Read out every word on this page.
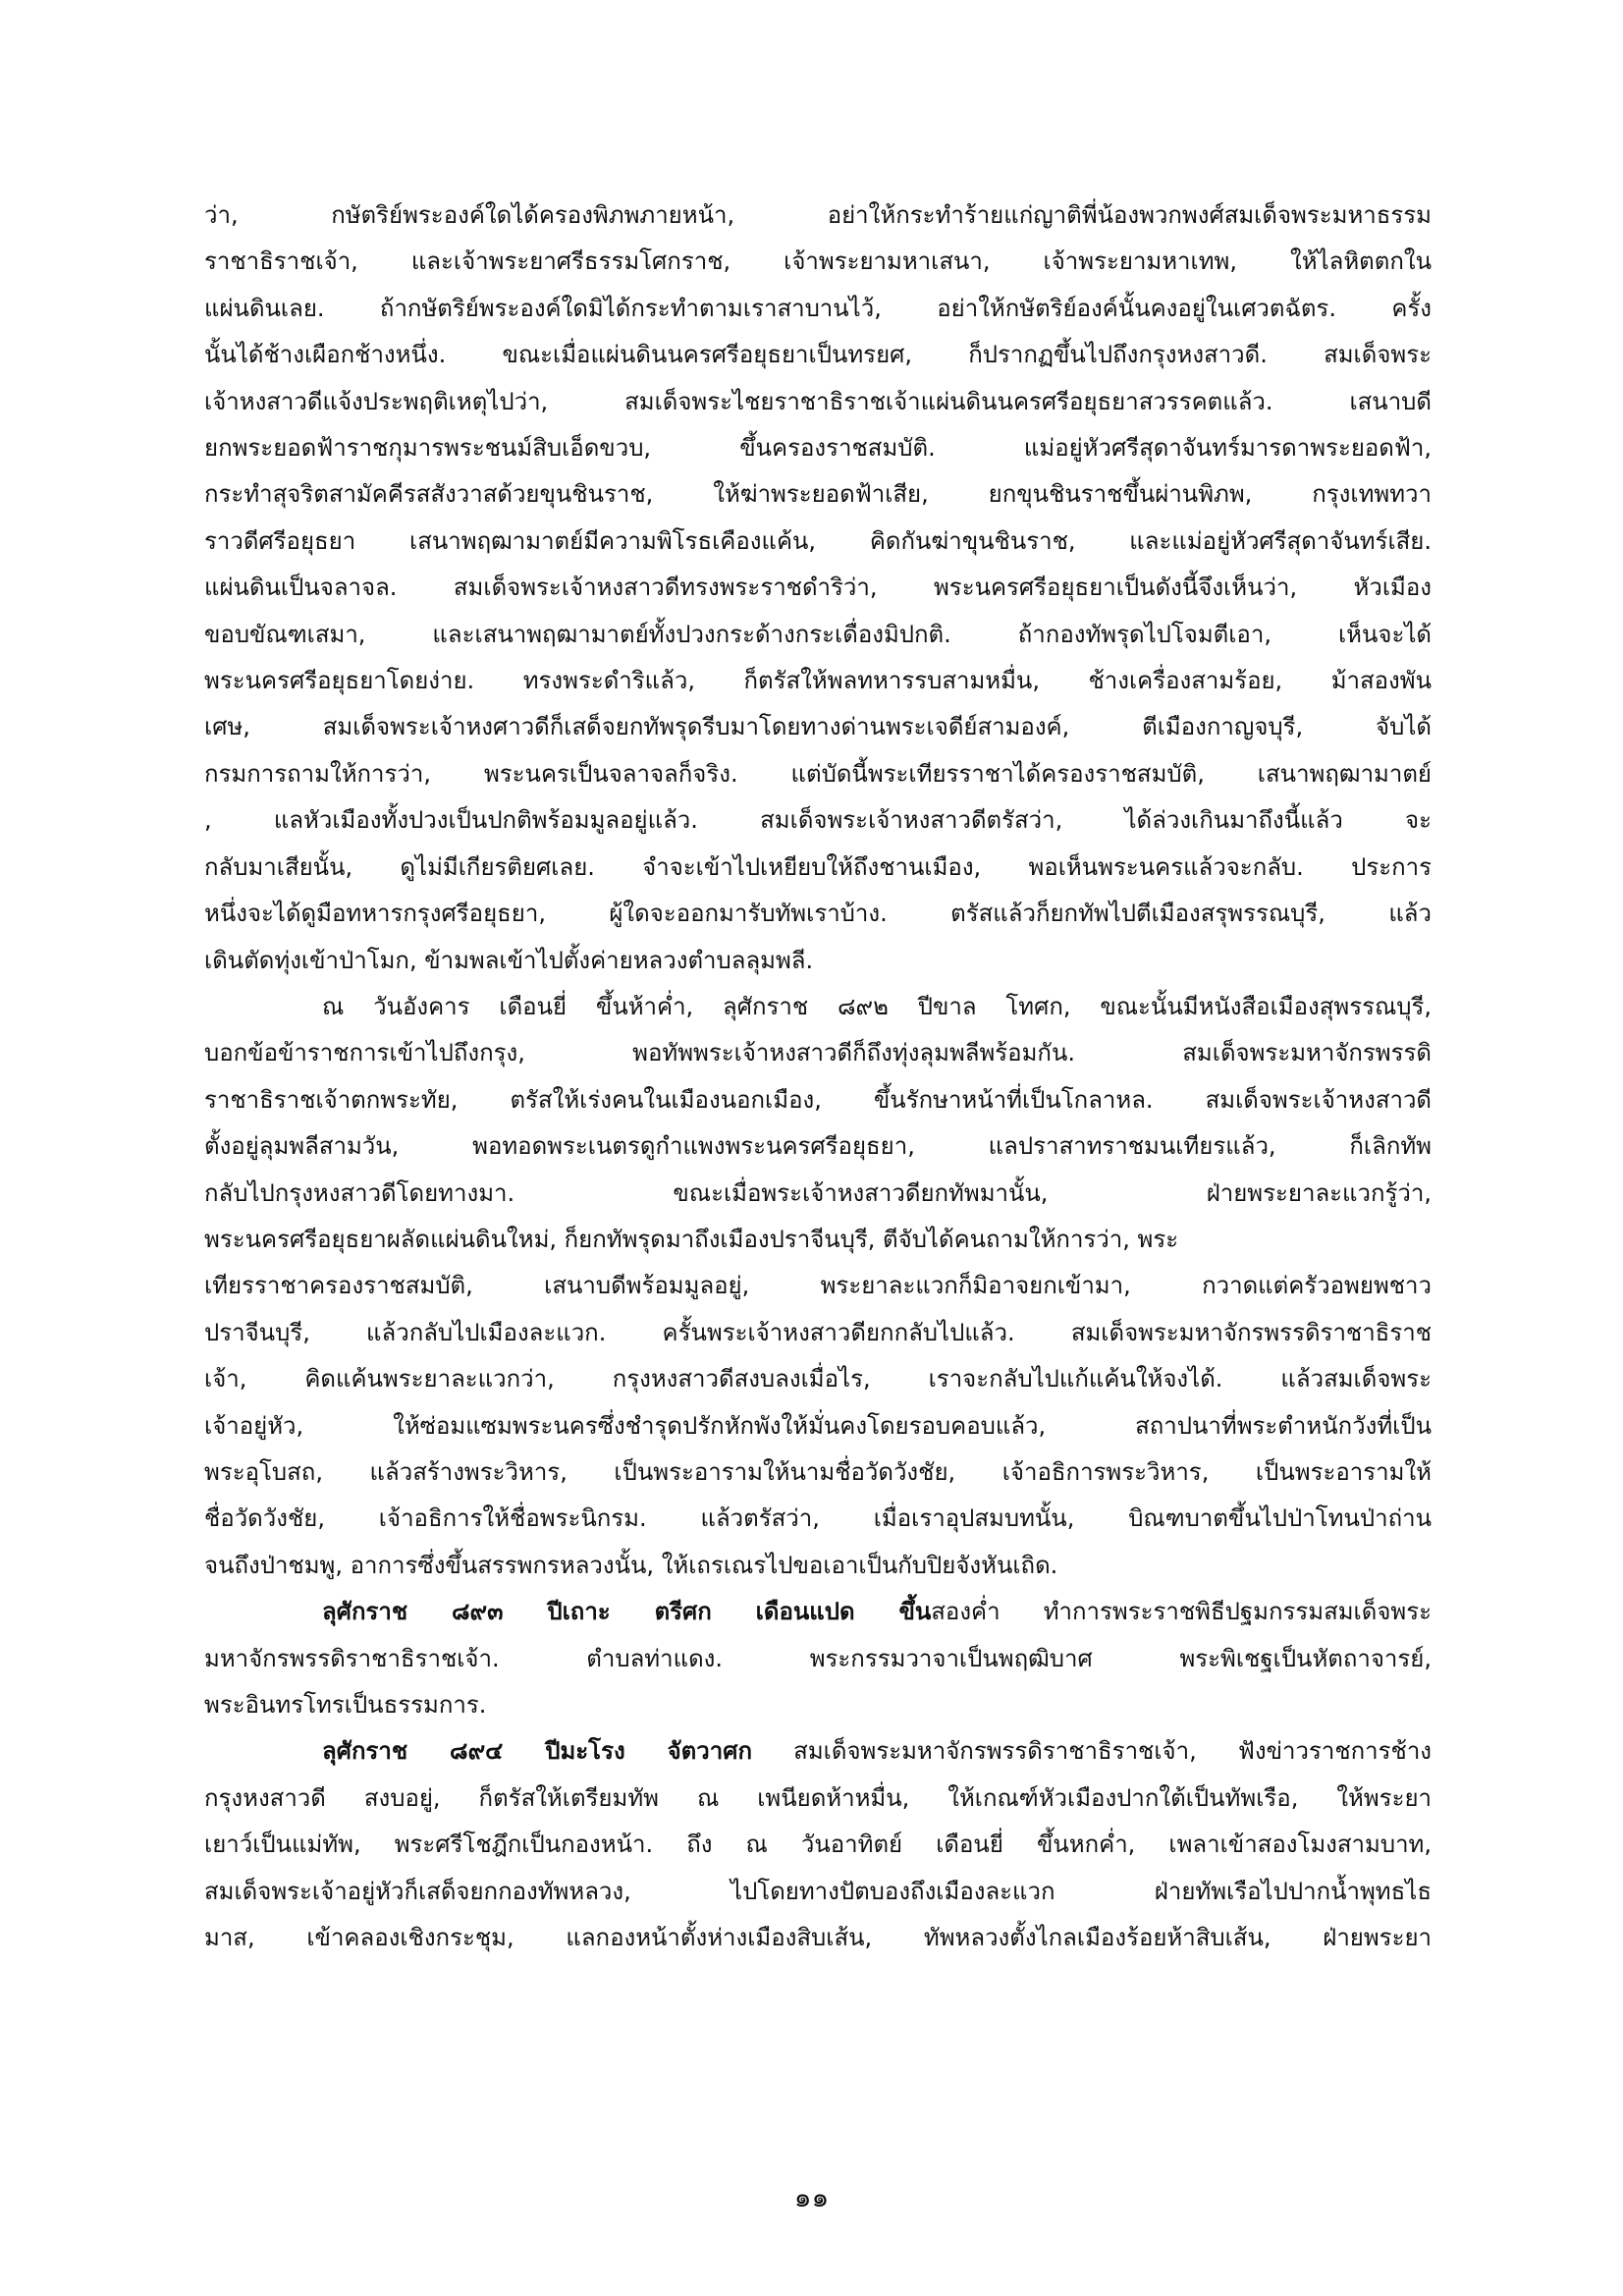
ว่า, กษัตริย์พระองค์ใดได้ครองพิภพภายหน้า, อย่าให้กระทำร้ายแก่ญาติพี่น้องพวกพงศ์สมเด็จพระมหาธรรม
ราชาธิราชเจ้า, และเจ้าพระยาศรีธรรมโศกราช, เจ้าพระยามหาเสนา, เจ้าพระยามหาเทพ, ให้ไลหิตตกใน
แผ่นดินเลย. ถ้ากษัตริย์พระองค์ใดมิได้กระทำตามเราสาบานไว้, อย่าให้กษัตริย์องค์นั้นคงอยู่ในเศวตฉัตร. ครั้ง
นั้นได้ช้างเผือกช้างหนึ่ง. ขณะเมื่อแผ่นดินนครศรีอยุธยาเป็นทรยศ, ก็ปรากฏขึ้นไปถึงกรุงหงสาวดี. สมเด็จพระ
เจ้าหงสาวดีแจ้งประพฤติเหตุไปว่า, สมเด็จพระไชยราชาธิราชเจ้าแผ่นดินนครศรีอยุธยาสวรรคตแล้ว. เสนาบดี
ยกพระยอดฟ้าราชกุมารพระชนม์สิบเอ็ดขวบ, ขึ้นครองราชสมบัติ. แม่อยู่หัวศรีสุดาจันทร์มารดาพระยอดฟ้า,
กระทำสุจริตสามัคคีรสสังวาสด้วยขุนชินราช, ให้ฆ่าพระยอดฟ้าเสีย, ยกขุนชินราชขึ้นผ่านพิภพ, กรุงเทพทวา
ราวดีศรีอยุธยา เสนาพฤฒามาตย์มีความพิโรธเคืองแค้น, คิดกันฆ่าขุนชินราช, และแม่อยู่หัวศรีสุดาจันทร์เสีย.
แผ่นดินเป็นจลาจล. สมเด็จพระเจ้าหงสาวดีทรงพระราชดำริว่า, พระนครศรีอยุธยาเป็นดังนี้จึงเห็นว่า, หัวเมือง
ขอบขัณฑเสมา, และเสนาพฤฒามาตย์ทั้งปวงกระด้างกระเดื่องมิปกติ. ถ้ากองทัพรุดไปโจมตีเอา, เห็นจะได้
พระนครศรีอยุธยาโดยง่าย. ทรงพระดำริแล้ว, ก็ตรัสให้พลทหารรบสามหมื่น, ช้างเครื่องสามร้อย, ม้าสองพัน
เศษ, สมเด็จพระเจ้าหงศาวดีก็เสด็จยกทัพรุดรีบมาโดยทางด่านพระเจดีย์สามองค์, ตีเมืองกาญจบุรี, จับได้
กรมการถามให้การว่า, พระนครเป็นจลาจลก็จริง. แต่บัดนี้พระเทียรราชาได้ครองราชสมบัติ, เสนาพฤฒามาตย์
, แลหัวเมืองทั้งปวงเป็นปกติพร้อมมูลอยู่แล้ว. สมเด็จพระเจ้าหงสาวดีตรัสว่า, ได้ล่วงเกินมาถึงนี้แล้ว จะ
กลับมาเสียนั้น, ดูไม่มีเกียรติยศเลย. จำจะเข้าไปเหยียบให้ถึงชานเมือง, พอเห็นพระนครแล้วจะกลับ. ประการ
หนึ่งจะได้ดูมือทหารกรุงศรีอยุธยา, ผู้ใดจะออกมารับทัพเราบ้าง. ตรัสแล้วก็ยกทัพไปตีเมืองสรุพรรณบุรี, แล้ว
เดินตัดทุ่งเข้าป่าโมก, ข้ามพลเข้าไปตั้งค่ายหลวงตำบลลุมพลี.

ณ วันอังคาร เดือนยี่ ขึ้นห้าค่ำ, ลุศักราช ๘๙๒ ปีขาล โทศก, ขณะนั้นมีหนังสือเมืองสุพรรณบุรี,
บอกข้อข้าราชการเข้าไปถึงกรุง, พอทัพพระเจ้าหงสาวดีก็ถึงทุ่งลุมพลีพร้อมกัน. สมเด็จพระมหาจักรพรรดิ
ราชาธิราชเจ้าตกพระทัย, ตรัสให้เร่งคนในเมืองนอกเมือง, ขึ้นรักษาหน้าที่เป็นโกลาหล. สมเด็จพระเจ้าหงสาวดี
ตั้งอยู่ลุมพลีสามวัน, พอทอดพระเนตรดูกำแพงพระนครศรีอยุธยา, แลปราสาทราชมนเทียรแล้ว, ก็เลิกทัพ
กลับไปกรุงหงสาวดีโดยทางมา. ขณะเมื่อพระเจ้าหงสาวดียกทัพมานั้น, ฝ่ายพระยาละแวกรู้ว่า,
พระนครศรีอยุธยาผลัดแผ่นดินใหม่, ก็ยกทัพรุดมาถึงเมืองปราจีนบุรี, ตีจับได้คนถามให้การว่า, พระ
เทียรราชาครองราชสมบัติ, เสนาบดีพร้อมมูลอยู่, พระยาละแวกก็มิอาจยกเข้ามา, กวาดแต่ครัวอพยพชาว
ปราจีนบุรี, แล้วกลับไปเมืองละแวก. ครั้นพระเจ้าหงสาวดียกกลับไปแล้ว. สมเด็จพระมหาจักรพรรดิราชาธิราช
เจ้า, คิดแค้นพระยาละแวกว่า, กรุงหงสาวดีสงบลงเมื่อไร, เราจะกลับไปแก้แค้นให้จงได้. แล้วสมเด็จพระ
เจ้าอยู่หัว, ให้ซ่อมแซมพระนครซึ่งชำรุดปรักหักพังให้มั่นคงโดยรอบคอบแล้ว, สถาปนาที่พระตำหนักวังที่เป็น
พระอุโบสถ, แล้วสร้างพระวิหาร, เป็นพระอารามให้นามชื่อวัดวังชัย, เจ้าอธิการพระวิหาร, เป็นพระอารามให้
ชื่อวัดวังชัย, เจ้าอธิการให้ชื่อพระนิกรม. แล้วตรัสว่า, เมื่อเราอุปสมบทนั้น, บิณฑบาตขึ้นไปป่าโทนป่าถ่าน
จนถึงป่าชมพู, อาการซึ่งขึ้นสรรพกรหลวงนั้น, ให้เถรเณรไปขอเอาเป็นกับปิยจังหันเถิด.

ลุศักราช ๘๙๓ ปีเถาะ ตรีศก เดือนแปด ขึ้นสองค่ำ ทำการพระราชพิธีปฐมกรรมสมเด็จพระ
มหาจักรพรรดิราชาธิราชเจ้า. ตำบลท่าแดง. พระกรรมวาจาเป็นพฤฒิบาศ พระพิเชฐเป็นหัตถาจารย์,
พระอินทรโทรเป็นธรรมการ.

ลุศักราช ๘๙๔ ปีมะโรง จัตวาศก สมเด็จพระมหาจักรพรรดิราชาธิราชเจ้า, ฟังข่าวราชการช้าง
กรุงหงสาวดี สงบอยู่, ก็ตรัสให้เตรียมทัพ ณ เพนียดห้าหมื่น, ให้เกณฑ์หัวเมืองปากใต้เป็นทัพเรือ, ให้พระยา
เยาว์เป็นแม่ทัพ, พระศรีโชฎึกเป็นกองหน้า. ถึง ณ วันอาทิตย์ เดือนยี่ ขึ้นหกค่ำ, เพลาเข้าสองโมงสามบาท,
สมเด็จพระเจ้าอยู่หัวก็เสด็จยกกองทัพหลวง, ไปโดยทางปัตบองถึงเมืองละแวก ฝ่ายทัพเรือไปปากน้ำพุทธไธ
มาส, เข้าคลองเชิงกระชุม, แลกองหน้าตั้งห่างเมืองสิบเส้น, ทัพหลวงตั้งไกลเมืองร้อยห้าสิบเส้น, ฝ่ายพระยา

๑๑
